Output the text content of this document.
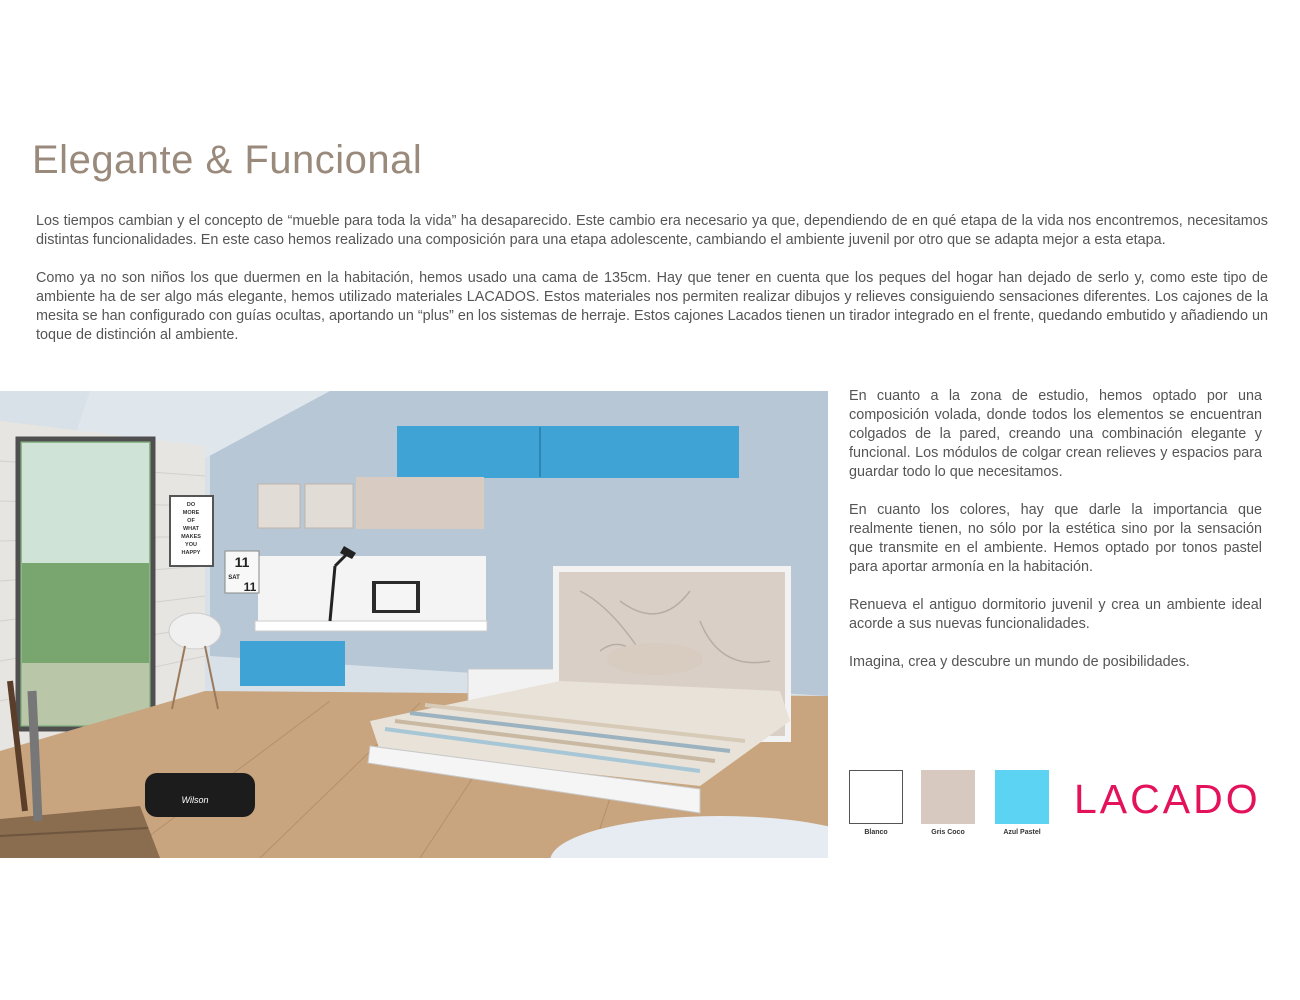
Elegante & Funcional

Los tiempos cambian y el concepto de “mueble para toda la vida” ha desaparecido. Este cambio era necesario ya que, dependiendo de en qué etapa de la vida nos encontremos, necesitamos distintas funcionalidades. En este caso hemos realizado una composición para una etapa adolescente, cambiando el ambiente juvenil por otro que se adapta mejor a esta etapa.

Como ya no son niños los que duermen en la habitación, hemos usado una cama de 135cm. Hay que tener en cuenta que los peques del hogar han dejado de serlo y, como este tipo de ambiente ha de ser algo más elegante, hemos utilizado materiales LACADOS. Estos materiales nos permiten realizar dibujos y relieves consiguiendo sensaciones diferentes. Los cajones de la mesita se han configurado con guías ocultas, aportando un “plus” en los sistemas de herraje. Estos cajones Lacados tienen un tirador integrado en el frente, quedando embutido y añadiendo un toque de distinción al ambiente.

DO
MORE
OF
WHAT
MAKES
YOU
HAPPY
11
SAT
11
Wilson

En cuanto a la zona de estudio, hemos optado por una composición volada, donde todos los elementos se encuentran colgados de la pared, creando una combinación elegante y funcional. Los módulos de colgar crean relieves y espacios para guardar todo lo que necesitamos.

En cuanto los colores, hay que darle la importancia que realmente tienen, no sólo por la estética sino por la sensación que transmite en el ambiente. Hemos optado por tonos pastel para aportar armonía en la habitación.

Renueva el antiguo dormitorio juvenil y crea un ambiente ideal acorde a sus nuevas funcionalidades.

Imagina, crea y descubre un mundo de posibilidades.

Blanco	Gris Coco	Azul Pastel
LACADO
